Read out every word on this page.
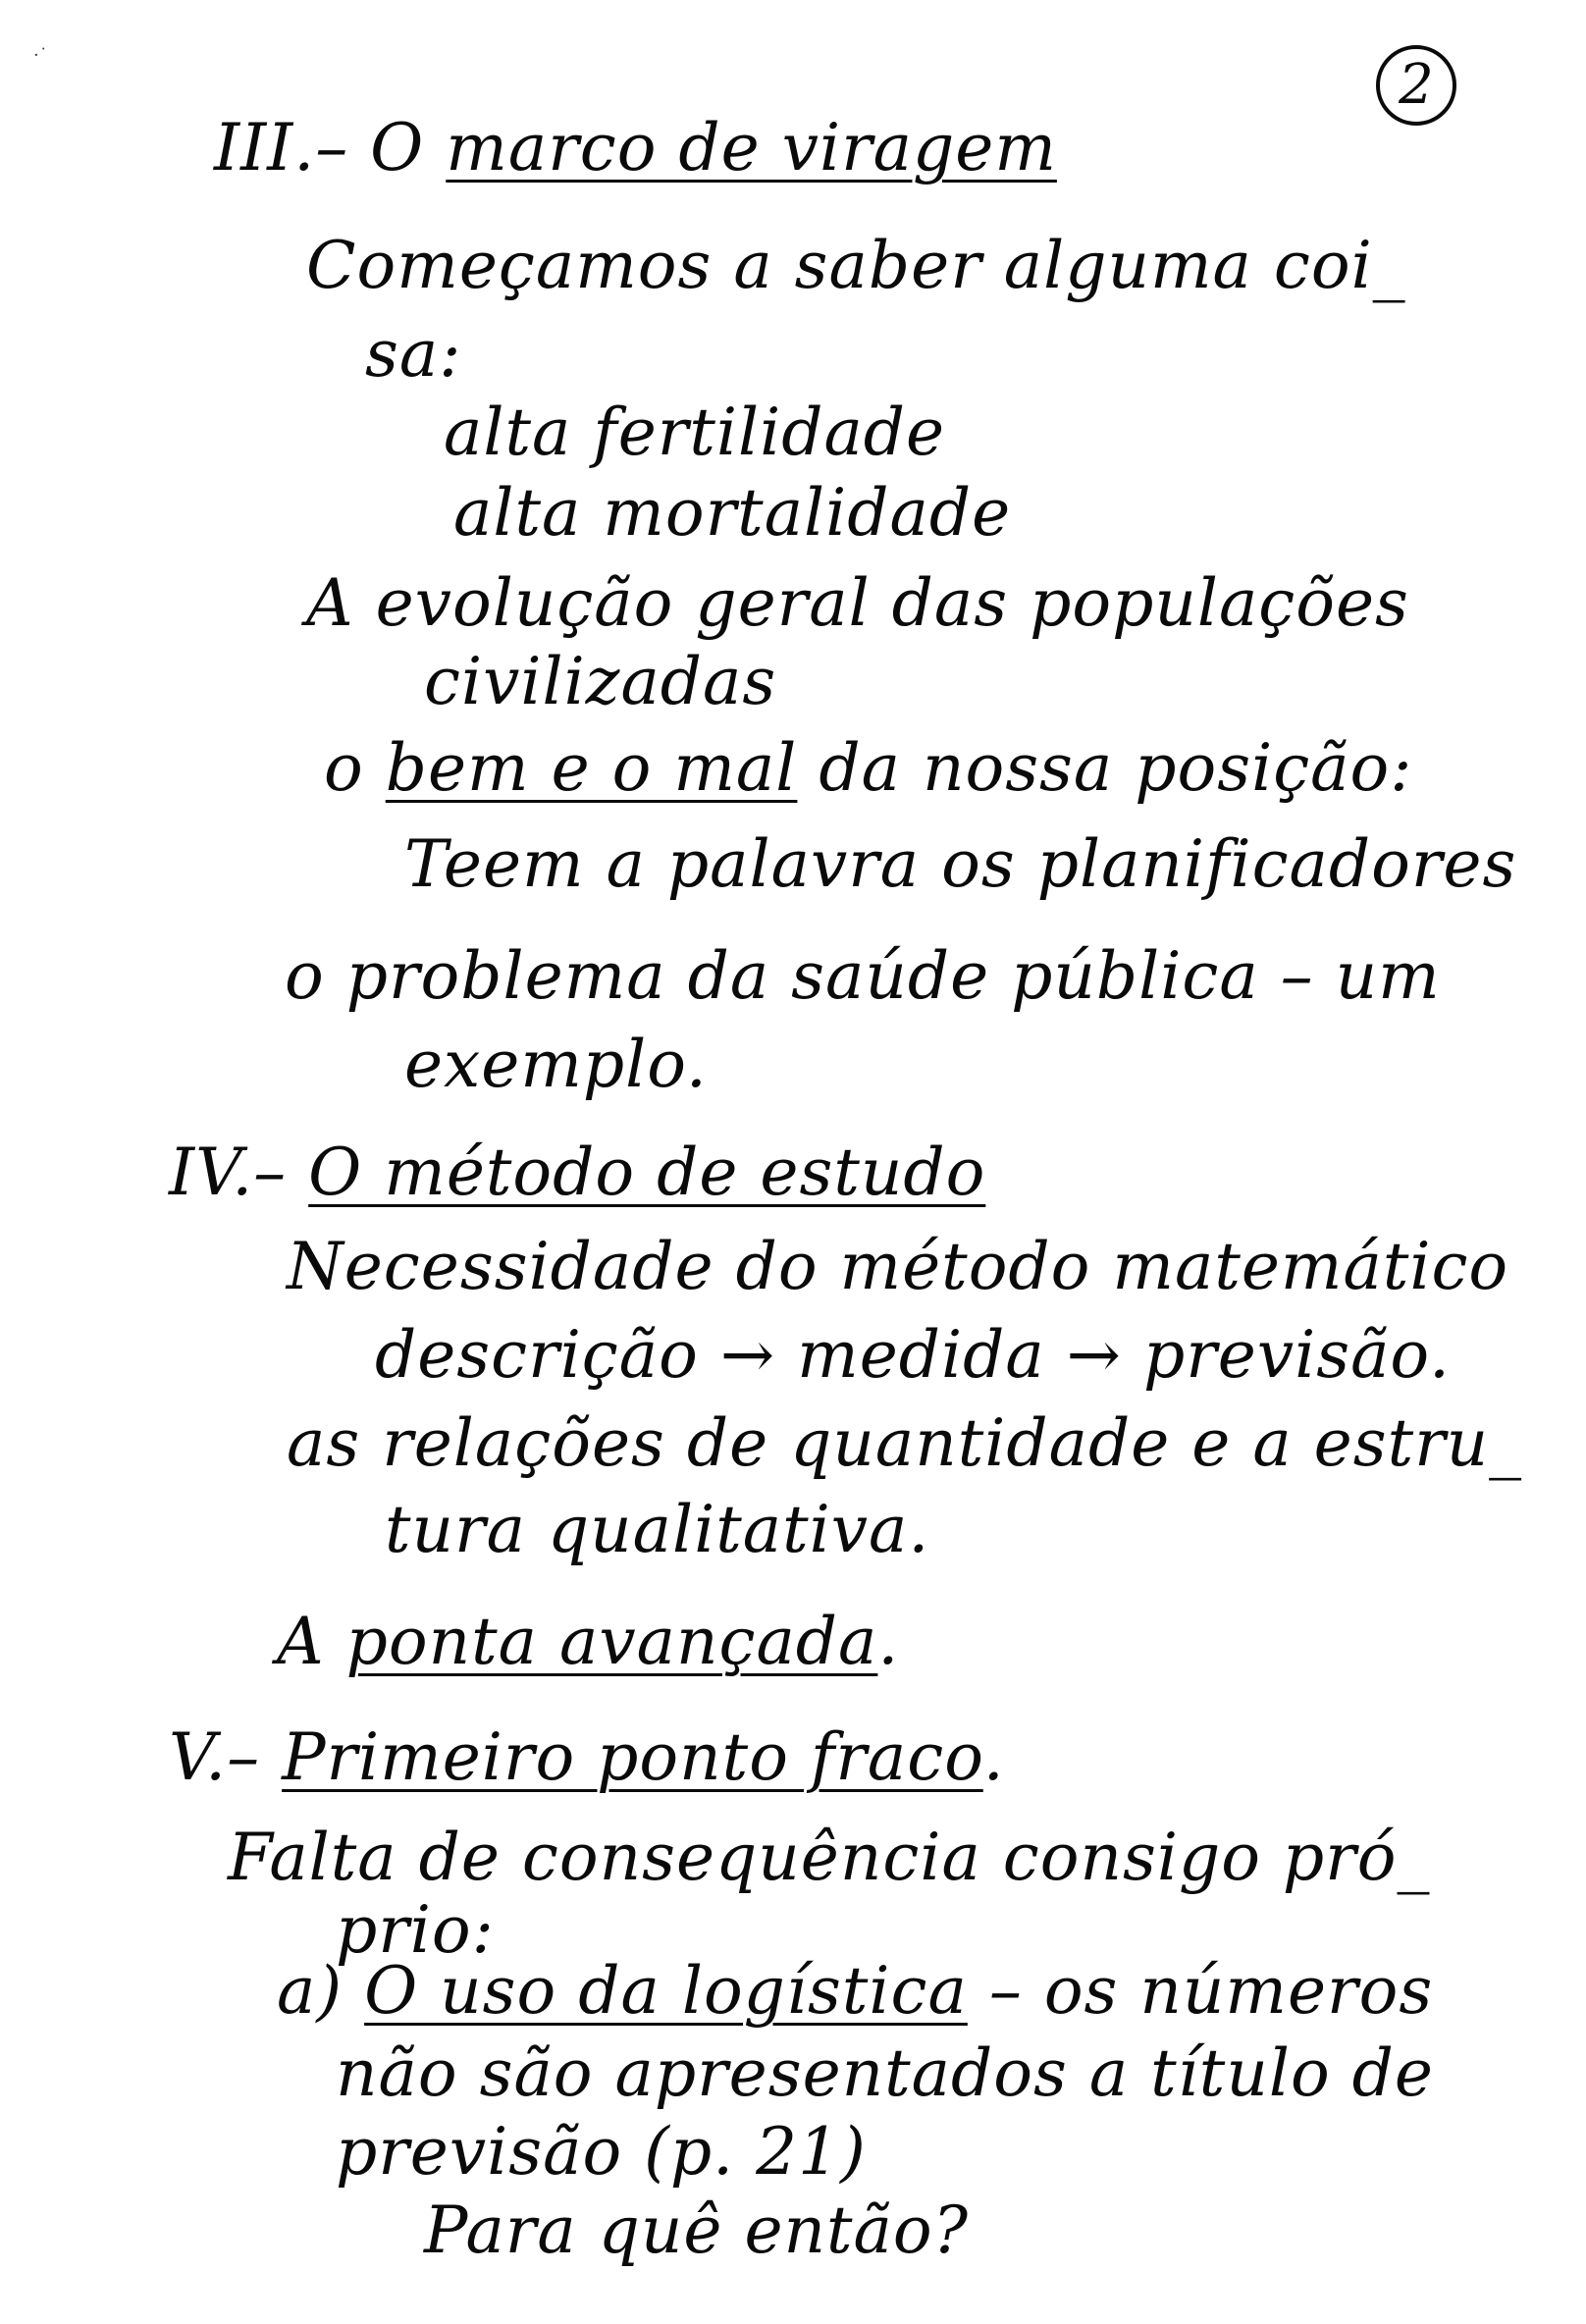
·˙	2
III.– O marco de viragem
Começamos a saber alguma coi_
sa:
alta fertilidade
alta mortalidade
A evolução geral das populações
civilizadas
o bem e o mal da nossa posição:
Teem a palavra os planificadores
o problema da saúde pública – um
exemplo.
IV.– O método de estudo
Necessidade do método matemático
descrição → medida → previsão.
as relações de quantidade e a estru_
tura qualitativa.
A ponta avançada.
V.– Primeiro ponto fraco.
Falta de consequência consigo pró_
prio:
a) O uso da logística – os números
não são apresentados a título de
previsão (p. 21)
Para quê então?
